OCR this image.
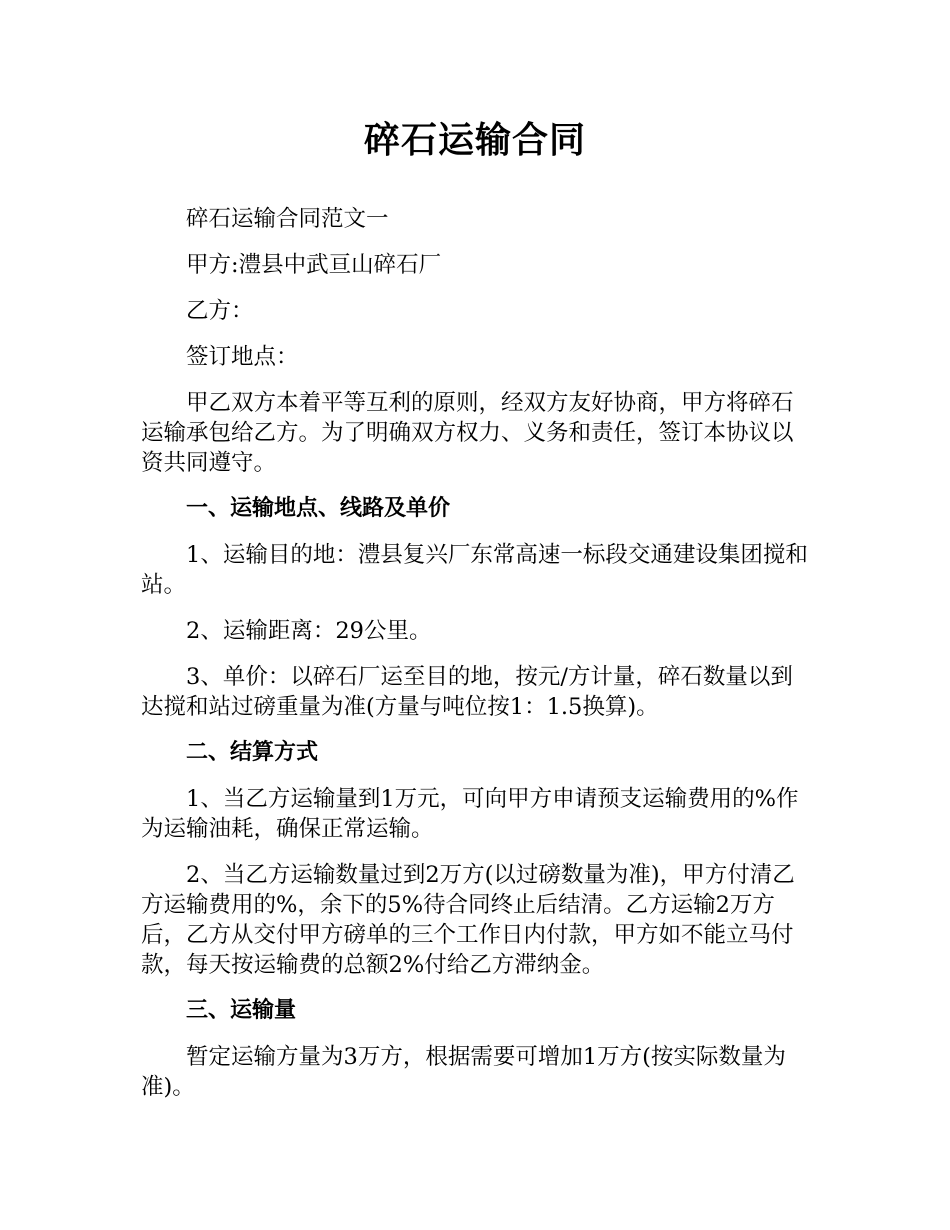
碎石运输合同

碎石运输合同范文一

甲方:澧县中武亘山碎石厂

乙方：

签订地点：

甲乙双方本着平等互利的原则，经双方友好协商，甲方将碎石运输承包给乙方。为了明确双方权力、义务和责任，签订本协议以资共同遵守。

一、运输地点、线路及单价

1、运输目的地：澧县复兴厂东常高速一标段交通建设集团搅和站。

2、运输距离：29公里。

3、单价：以碎石厂运至目的地，按元/方计量，碎石数量以到达搅和站过磅重量为准(方量与吨位按1：1.5换算)。

二、结算方式

1、当乙方运输量到1万元，可向甲方申请预支运输费用的%作为运输油耗，确保正常运输。

2、当乙方运输数量过到2万方(以过磅数量为准)，甲方付清乙方运输费用的%，余下的5%待合同终止后结清。乙方运输2万方后，乙方从交付甲方磅单的三个工作日内付款，甲方如不能立马付款，每天按运输费的总额2%付给乙方滞纳金。

三、运输量

暂定运输方量为3万方，根据需要可增加1万方(按实际数量为准)。
